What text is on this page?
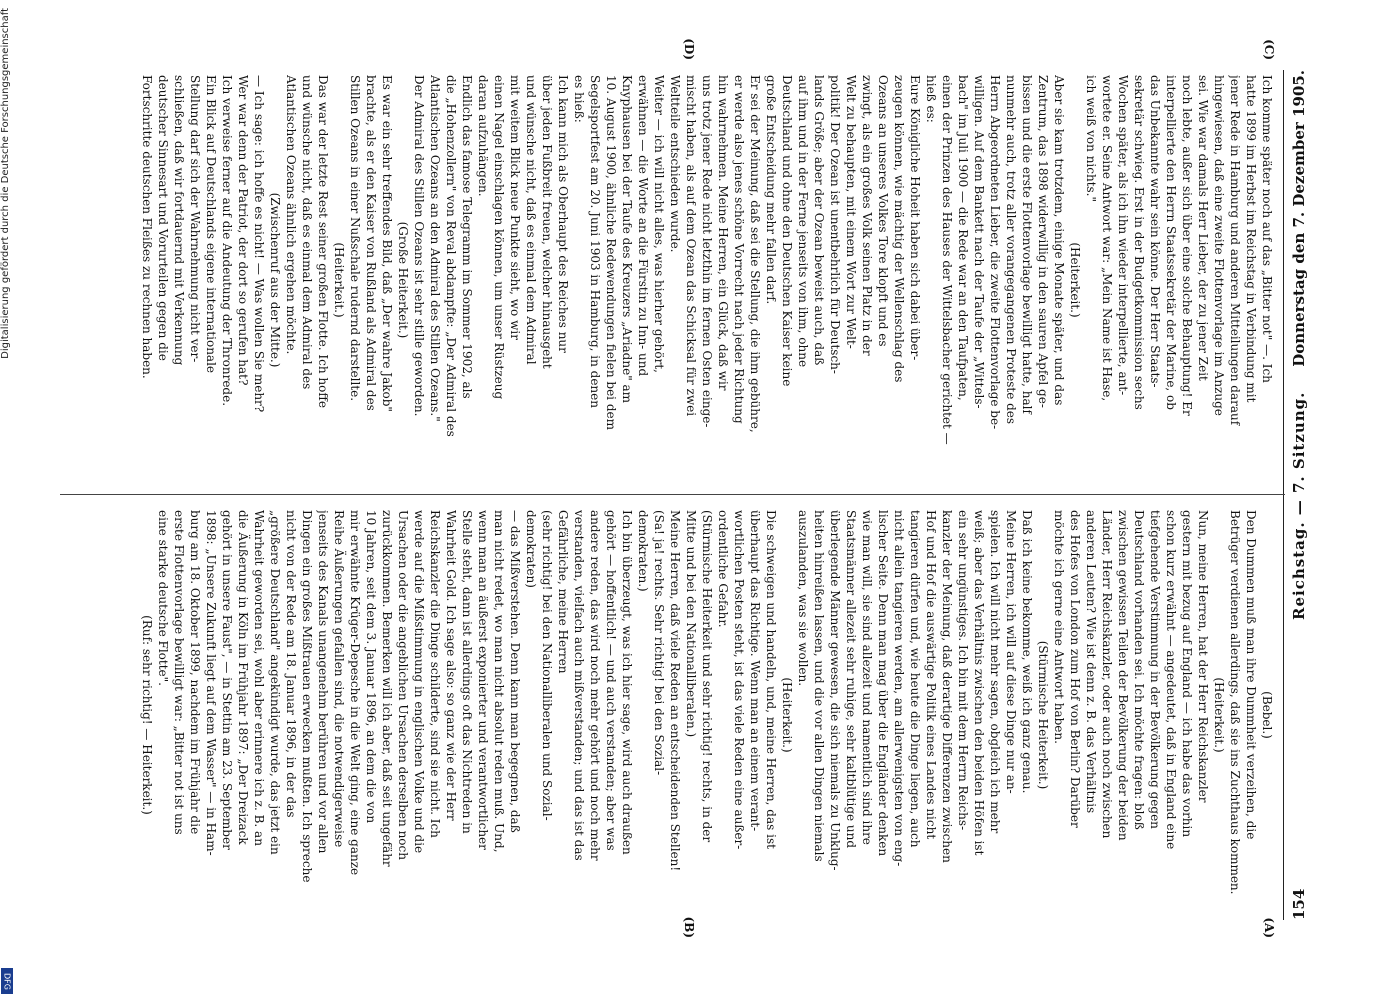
154
Reichstag. — 7. Sitzung.
Donnerstag den 7. Dezember 1905.
(Bebel.)
Den Dummen muß man ihre Dummheit verzeihen, die
Betrüger verdienen allerdings, daß sie ins Zuchthaus kommen.
(Heiterkeit.)
Nun, meine Herren, hat der Herr Reichskanzler
gestern mit bezug auf England — ich habe das vorhin
schon kurz erwähnt — angedeutet, daß in England eine
tiefgehende Verstimmung in der Bevölkerung gegen
Deutschland vorhanden sei. Ich möchte fragen: bloß
zwischen gewissen Teilen der Bevölkerung der beiden
Länder, Herr Reichskanzler, oder auch noch zwischen
anderen Leuten? Wie ist denn z. B. das Verhältnis
des Hofes von London zum Hof von Berlin? Darüber
möchte ich gerne eine Antwort haben.
(Stürmische Heiterkeit.)
Daß ich keine bekomme, weiß ich ganz genau.
Meine Herren, ich will auf diese Dinge nur an-
spielen. Ich will nicht mehr sagen, obgleich ich mehr
weiß; aber das Verhältnis zwischen den beiden Höfen ist
ein sehr ungünstiges. Ich bin mit dem Herrn Reichs-
kanzler der Meinung, daß derartige Differenzen zwischen
Hof und Hof die auswärtige Politik eines Landes nicht
tangieren dürfen und, wie heute die Dinge liegen, auch
nicht allein tangieren werden, am allerwenigsten von eng-
lischer Seite. Denn man mag über die Engländer denken
wie man will, sie sind allezeit und namentlich sind ihre
Staatsmänner allezeit sehr ruhige, sehr kaltblütige und
überlegende Männer gewesen, die sich niemals zu Unklug-
heiten hinreißen lassen, und die vor allen Dingen niemals
auszulanden, was sie wollen.
(Heiterkeit.)
Die schweigen und handeln, und, meine Herren, das ist
überhaupt das Richtige. Wenn man an einem verant-
wortlichen Posten steht, ist das viele Reden eine außer-
ordentliche Gefahr.
(Stürmische Heiterkeit und sehr richtig! rechts, in der
Mitte und bei den Nationalliberalen.)
Meine Herren, daß viele Reden an entscheidenden Stellen!
(Sa! ja! rechts. Sehr richtig! bei den Sozial-
demokraten.)
Ich bin überzeugt, was ich hier sage, wird auch draußen
gehört — hoffentlich! — und auch verstanden; aber was
andere reden, das wird noch mehr gehört und noch mehr
verstanden, vielfach auch mißverstanden; und das ist das
Gefährliche, meine Herren
(sehr richtig! bei den Nationalliberalen und Sozial-
demokraten)
— das Mißverstehen. Denn kann man begegnen, daß
man nicht redet, wo man nicht absolut reden muß. Und,
wenn man an äußerst exponierter und verantwortlicher
Stelle steht, dann ist allerdings oft das Nichtreden in
Wahrheit Gold. Ich sage also: so ganz wie der Herr
Reichskanzler die Dinge schilderte, sind sie nicht. Ich
werde auf die Mißstimmung in englischen Volke und die
Ursachen oder die angeblichen Ursachen derselben noch
zurückkommen. Bemerken will ich aber, daß seit ungefähr
10 Jahren, seit dem 3. Januar 1896, an dem die von
mir erwähnte Krüger-Depesche in die Welt ging, eine ganze
Reihe Äußerungen gefallen sind, die notwendigerweise
jenseits des Kanals unangenehm berühren und vor allen
Dingen ein großes Mißtrauen erwecken mußten. Ich spreche
nicht von der Rede am 18. Januar 1896, in der das
„größere Deutschland" angekündigt wurde, das jetzt ein
Wahrheit geworden sei, wohl aber erinnere ich z. B. an
die Äußerung in Köln im Frühjahr 1897: „Der Dreizack
gehört in unsere Faust", — in Stettin am 23. September
1898: „Unsere Zukunft liegt auf dem Wasser" — in Ham-
burg am 18. Oktober 1899, nachdem im Frühjahr die
erste Flottenvorlage bewilligt war: „Bitter not ist uns
eine starke deutsche Flotte".
(Ruf: sehr richtig! — Heiterkeit.)
Ich komme später noch auf das „Bitter not" —. Ich
hatte 1899 im Herbst im Reichstag in Verbindung mit
jener Rede in Hamburg und anderen Mitteilungen darauf
hingewiesen, daß eine zweite Flottenvorlage im Anzuge
sei. Wie war damals Herr Lieber, der zu jener Zeit
noch lebte, außer sich über eine solche Behauptung! Er
interpellierte den Herrn Staatssekretär der Marine, ob
das Unbekannte wahr sein könne. Der Herr Staats-
sekretär schwieg. Erst in der Budgetkommission sechs
Wochen später, als ich ihn wieder interpellierte, ant-
wortete er. Seine Antwort war: „Mein Name ist Hase,
ich weiß von nichts."
(Heiterkeit.)
Aber sie kam trotzdem, einige Monate später, und das
Zentrum, das 1898 widerwillig in den sauren Apfel ge-
bissen und die erste Flottenvorlage bewilligt hatte, half
nunmehr auch, trotz aller vorangegangenen Proteste des
Herrn Abgeordneten Lieber, die zweite Flottenvorlage be-
willigen. Auf dem Bankett nach der Taufe der „Wittels-
bach" im Juli 1900 — die Rede war an den Taufpaten,
einen der Prinzen des Hauses der Wittelsbacher gerichtet —
hieß es:
Eure Königliche Hoheit haben sich dabei über-
zeugen können, wie mächtig der Wellenschlag des
Ozeans an unseres Volkes Tore klopft und es
zwingt, als ein großes Volk seinen Platz in der
Welt zu behaupten, mit einem Wort zur Welt-
politik! Der Ozean ist unentbehrlich für Deutsch-
lands Größe; aber der Ozean beweist auch, daß
auf ihm und in der Ferne jenseits von ihm, ohne
Deutschland und ohne den Deutschen Kaiser keine
große Entscheidung mehr fallen darf.
Er sei der Meinung, daß sei die Stellung, die ihm gebühre,
er werde also jenes schöne Vorrecht nach jeder Richtung
hin wahrnehmen. Meine Herren, ein Glück, daß wir
uns trotz jener Rede nicht letzthin im fernen Osten einge-
mischt haben, als auf dem Ozean das Schicksal für zwei
Weltteile entschieden wurde.
Weiter — ich will nicht alles, was hierher gehört,
erwähnen — die Worte an die Fürstin zu Inn- und
Knyphausen bei der Taufe des Kreuzers „Ariadne" am
10. August 1900, ähnliche Redewendungen fielen bei dem
Segelsportfest am 20. Juni 1903 in Hamburg, in denen
es hieß:
Ich kann mich als Oberhaupt des Reiches nur
über jeden Fußbreit freuen, welcher hinausgeht
und wünsche nicht, daß es einmal dem Admiral
mit weitem Blick neue Punkte sieht, wo wir
einen Nagel einschlagen können, um unser Rüstzeug
daran aufzuhängen.
Endlich das famose Telegramm im Sommer 1902, als
die „Hohenzollern" von Reval abdampfte: „Der Admiral des
Atlantischen Ozeans an den Admiral des Stillen Ozeans."
Der Admiral des Stillen Ozeans ist sehr stille geworden.
(Große Heiterkeit.)
Es war ein sehr treffendes Bild, daß „Der wahre Jakob"
brachte, als er den Kaiser von Rußland als Admiral des
Stillen Ozeans in einer Nußschale rudernd darstellte.
(Heiterkeit.)
Das war der letzte Rest seiner großen Flotte. Ich hoffe
und wünsche nicht, daß es einmal dem Admiral des
Atlantischen Ozeans ähnlich ergehen möchte.
(Zwischenruf aus der Mitte.)
— Ich sage: ich hoffe es nicht! — Was wollen Sie mehr?
Wer war denn der Patriot, der dort so gerufen hat?
Ich verweise ferner auf die Andeutung der Thronrede.
Ein Blick auf Deutschlands eigene internationale
Stellung darf sich der Wahrnehmung nicht ver-
schließen, daß wir fortdauernd mit Verkennung
deutscher Sinnesart und Vorurteilen gegen die
Fortschritte deutschen Fleißes zu rechnen haben.
(A)
(B)
(C)
(D)
Digitalisierung gefördert durch die Deutsche Forschungsgemeinschaft
DFG
